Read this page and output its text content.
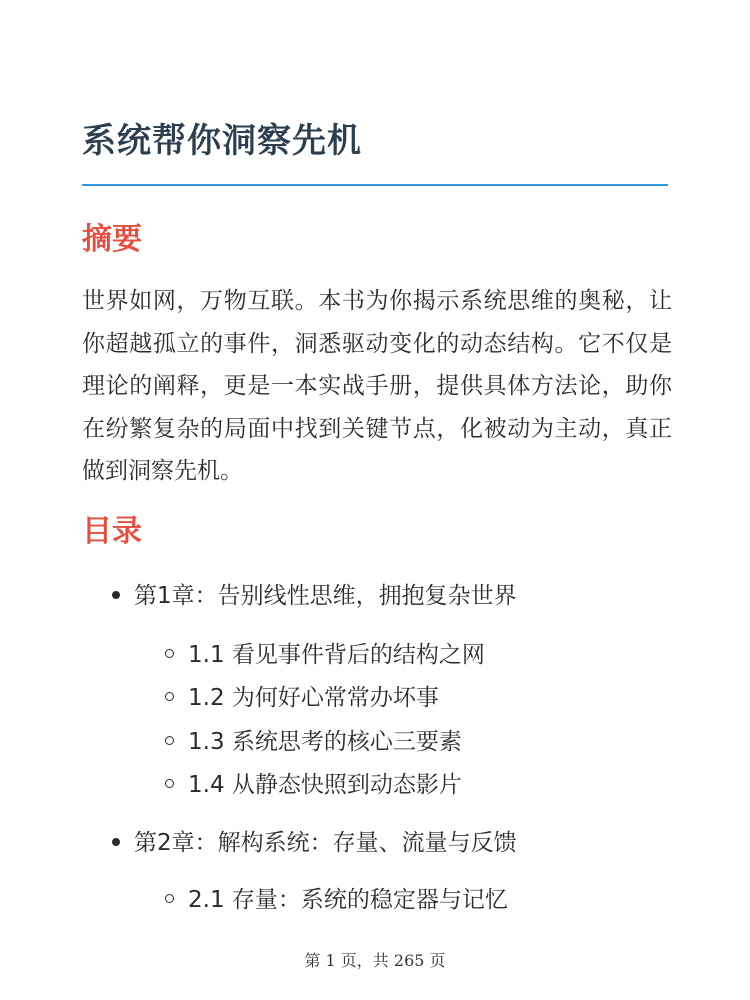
系统帮你洞察先机
摘要

世界如网，万物互联。本书为你揭示系统思维的奥秘，让你超越孤立的事件，洞悉驱动变化的动态结构。它不仅是理论的阐释，更是一本实战手册，提供具体方法论，助你在纷繁复杂的局面中找到关键节点，化被动为主动，真正做到洞察先机。

目录
第1章：告别线性思维，拥抱复杂世界
1.1 看见事件背后的结构之网
1.2 为何好心常常办坏事
1.3 系统思考的核心三要素
1.4 从静态快照到动态影片
第2章：解构系统：存量、流量与反馈
2.1 存量：系统的稳定器与记忆
第 1 页，共 265 页
